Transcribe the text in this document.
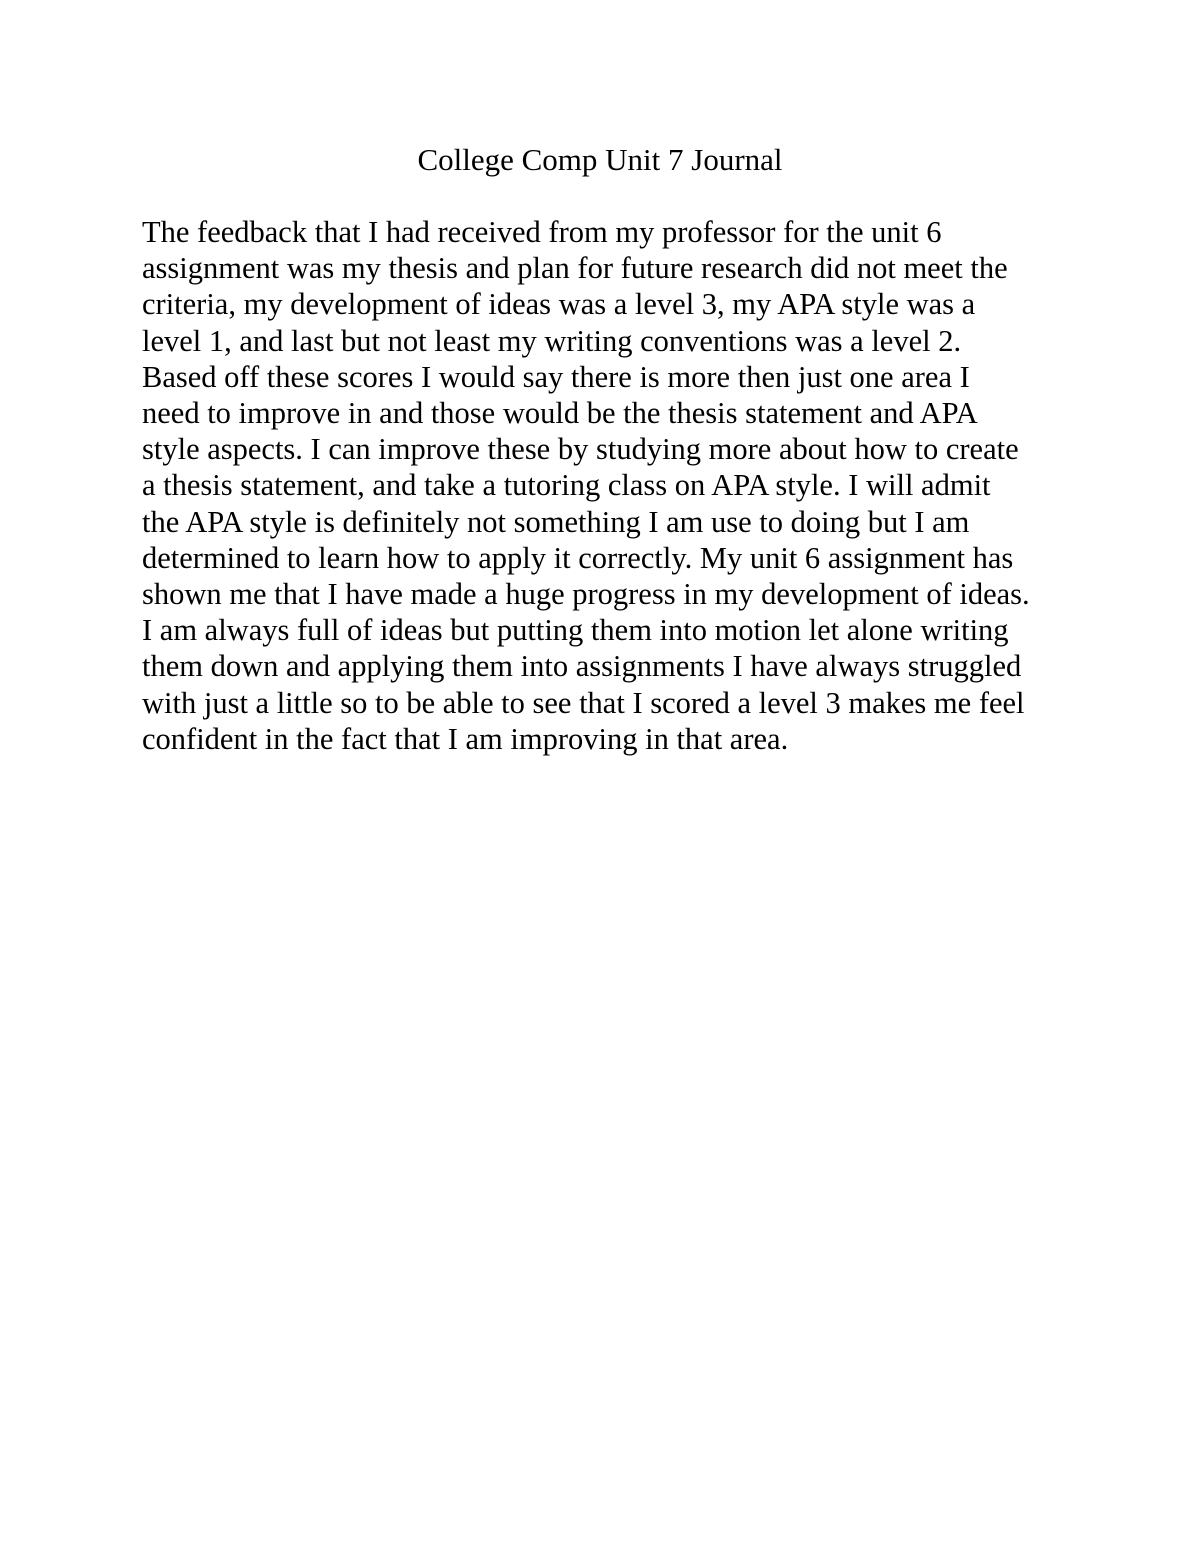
College Comp Unit 7 Journal
The feedback that I had received from my professor for the unit 6
assignment was my thesis and plan for future research did not meet the
criteria, my development of ideas was a level 3, my APA style was a
level 1, and last but not least my writing conventions was a level 2.
Based off these scores I would say there is more then just one area I
need to improve in and those would be the thesis statement and APA
style aspects. I can improve these by studying more about how to create
a thesis statement, and take a tutoring class on APA style. I will admit
the APA style is definitely not something I am use to doing but I am
determined to learn how to apply it correctly. My unit 6 assignment has
shown me that I have made a huge progress in my development of ideas.
I am always full of ideas but putting them into motion let alone writing
them down and applying them into assignments I have always struggled
with just a little so to be able to see that I scored a level 3 makes me feel
confident in the fact that I am improving in that area.
